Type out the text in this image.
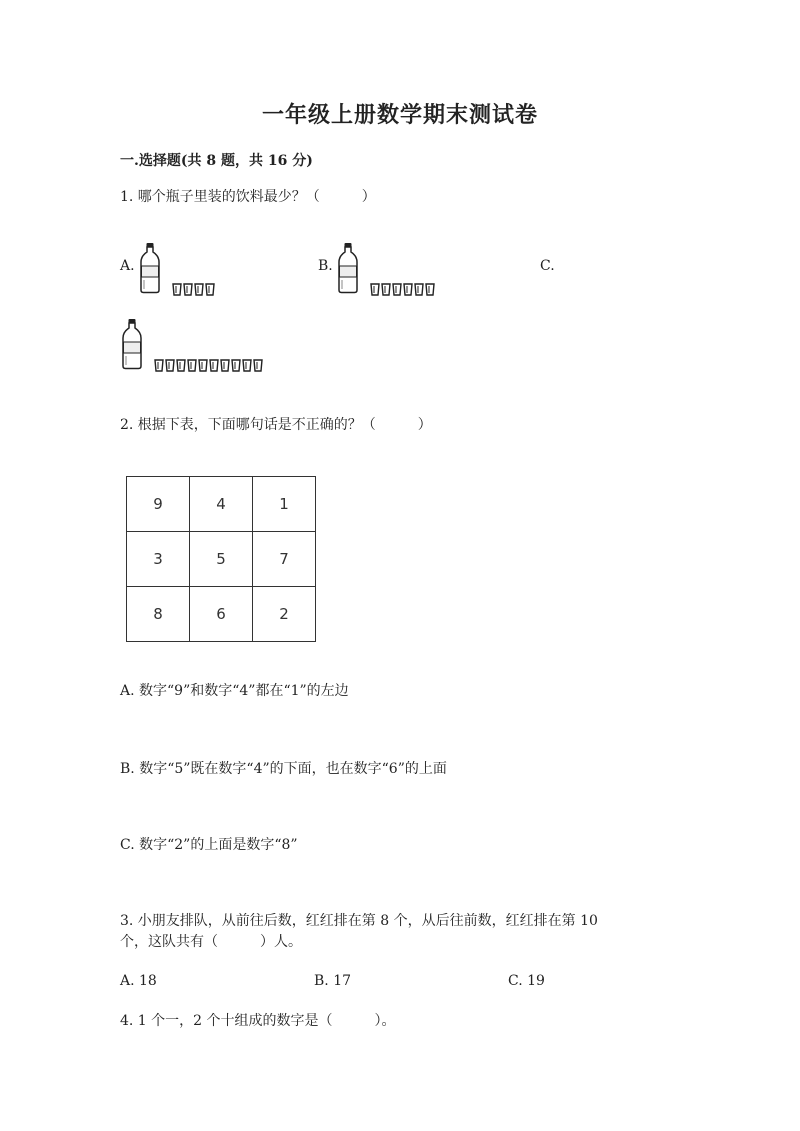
一年级上册数学期末测试卷
一.选择题(共 8 题，共 16 分)
1. 哪个瓶子里装的饮料最少？（　　　）
A.	B.	C.
2. 根据下表，下面哪句话是不正确的？（　　　）
9	4	1
3	5	7
8	6	2
A. 数字“9”和数字“4”都在“1”的左边
B. 数字“5”既在数字“4”的下面，也在数字“6”的上面
C. 数字“2”的上面是数字“8”
3. 小朋友排队，从前往后数，红红排在第 8 个，从后往前数，红红排在第 10
个，这队共有（　　　）人。
A. 18	B. 17	C. 19
4. 1 个一，2 个十组成的数字是（　　　）。
